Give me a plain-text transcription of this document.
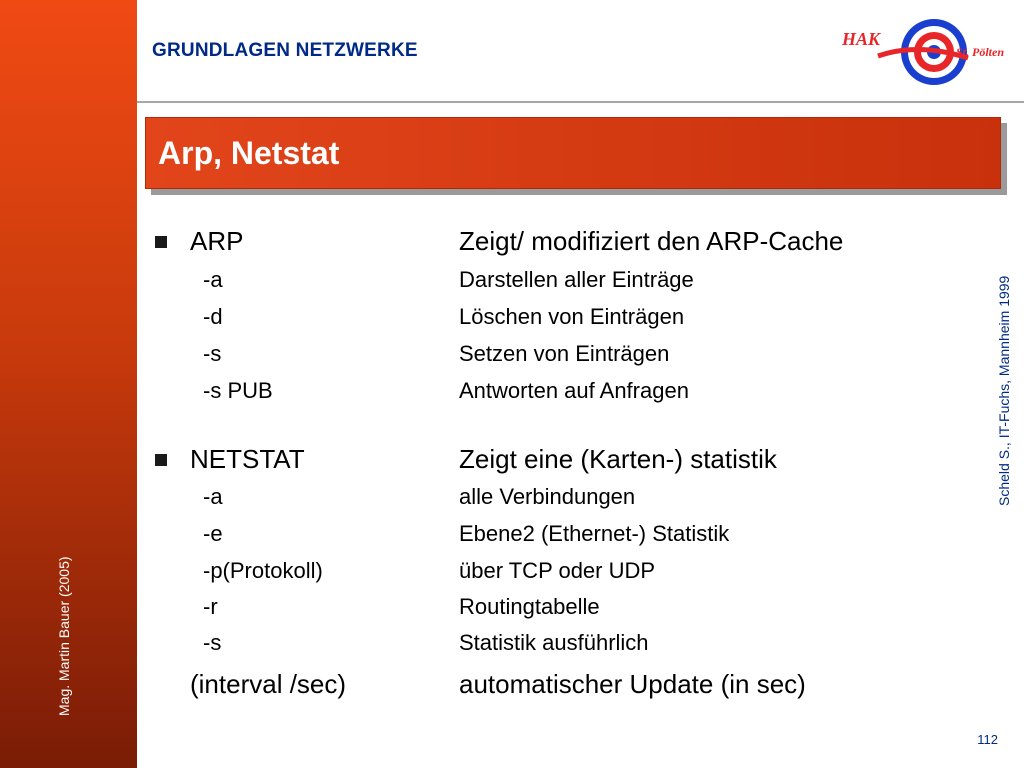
Mag. Martin Bauer (2005)
GRUNDLAGEN NETZWERKE
HAK
St. Pölten
Arp, Netstat
Scheld S., IT-Fuchs, Mannheim 1999
112
ARP	Zeigt/ modifiziert den ARP-Cache
-a	Darstellen aller Einträge
-d	Löschen von Einträgen
-s	Setzen von Einträgen
-s PUB	Antworten auf Anfragen
NETSTAT	Zeigt eine (Karten-) statistik
-a	alle Verbindungen
-e	Ebene2 (Ethernet-) Statistik
-p(Protokoll)	über TCP oder UDP
-r	Routingtabelle
-s	Statistik ausführlich
(interval /sec)	automatischer Update (in sec)
